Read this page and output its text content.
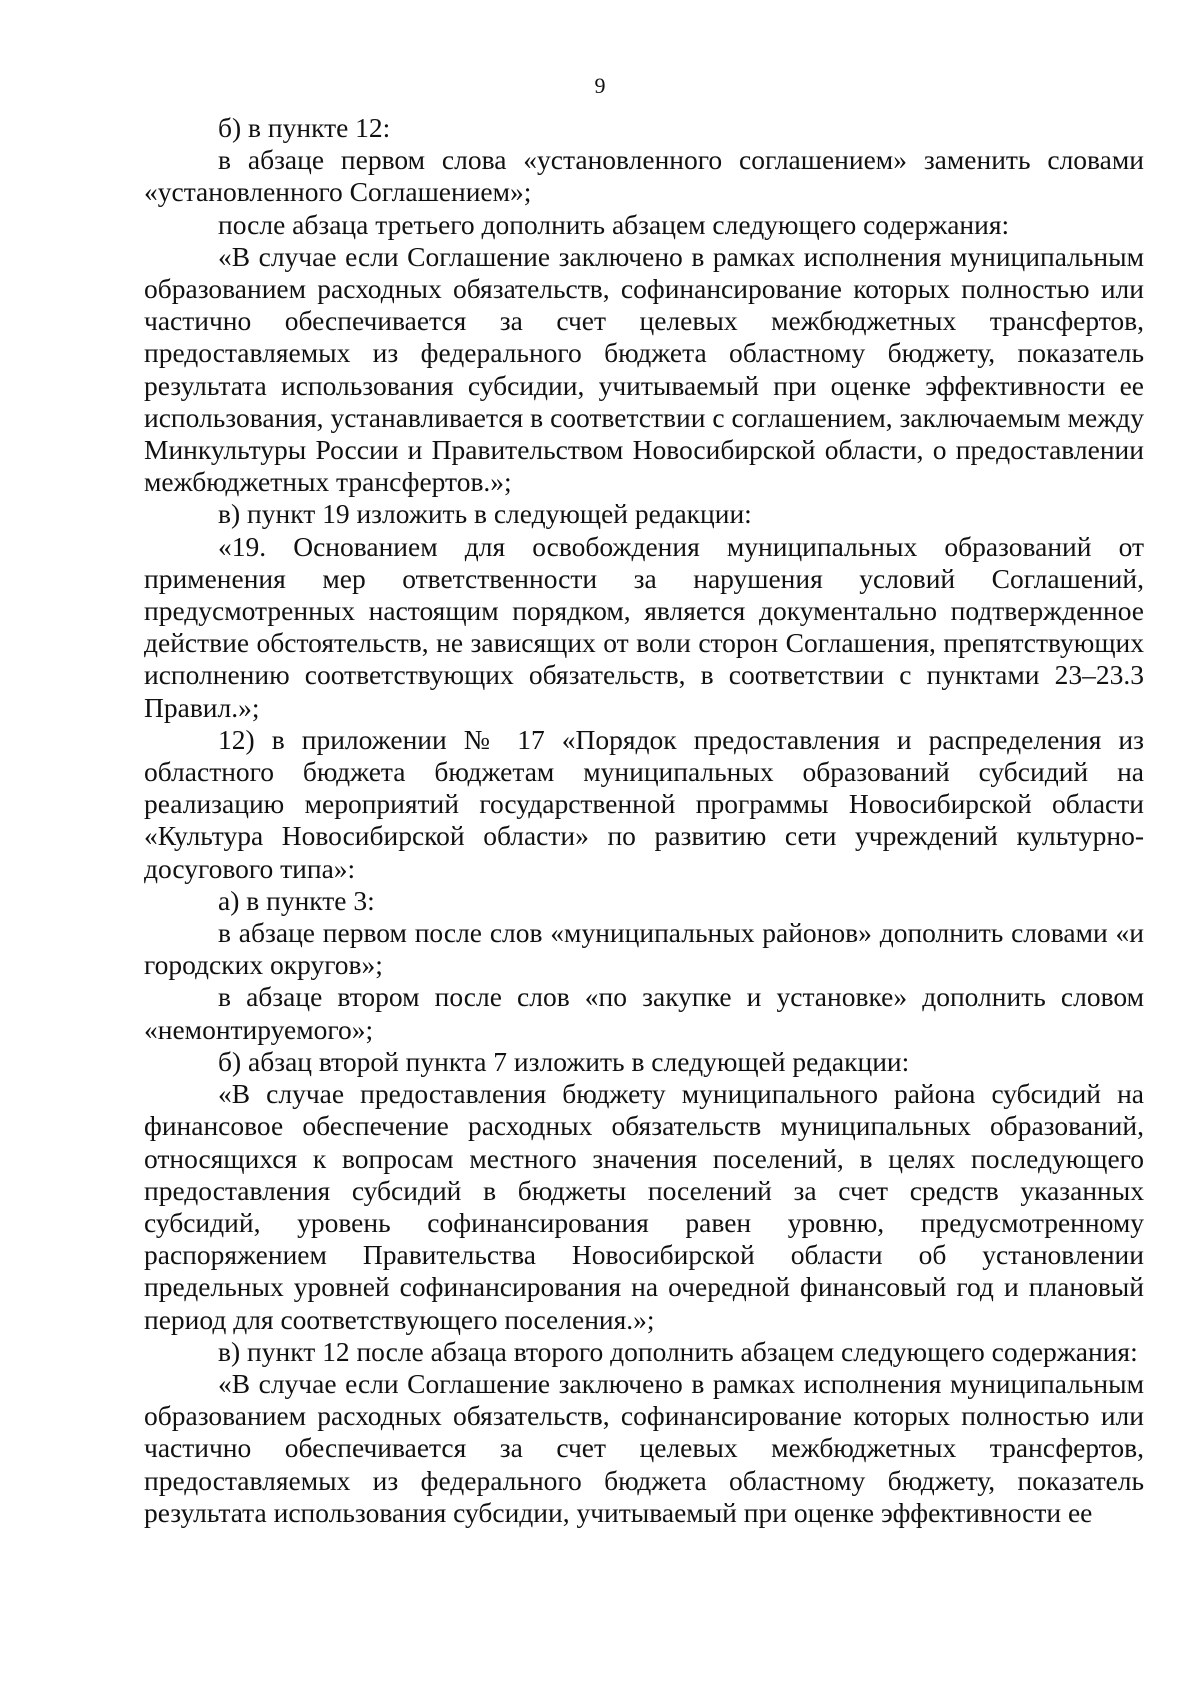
9

б) в пункте 12:

в абзаце первом слова «установленного соглашением» заменить словами «установленного Соглашением»;

после абзаца третьего дополнить абзацем следующего содержания:

«В случае если Соглашение заключено в рамках исполнения муниципальным образованием расходных обязательств, софинансирование которых полностью или частично обеспечивается за счет целевых межбюджетных трансфертов, предоставляемых из федерального бюджета областному бюджету, показатель результата использования субсидии, учитываемый при оценке эффективности ее использования, устанавливается в соответствии с соглашением, заключаемым между Минкультуры России и Правительством Новосибирской области, о предоставлении межбюджетных трансфертов.»;

в) пункт 19 изложить в следующей редакции:

«19. Основанием для освобождения муниципальных образований от применения мер ответственности за нарушения условий Соглашений, предусмотренных настоящим порядком, является документально подтвержденное действие обстоятельств, не зависящих от воли сторон Соглашения, препятствующих исполнению соответствующих обязательств, в соответствии с пунктами 23–23.3 Правил.»;

12) в приложении № 17 «Порядок предоставления и распределения из областного бюджета бюджетам муниципальных образований субсидий на реализацию мероприятий государственной программы Новосибирской области «Культура Новосибирской области» по развитию сети учреждений культурно-досугового типа»:

а) в пункте 3:

в абзаце первом после слов «муниципальных районов» дополнить словами «и городских округов»;

в абзаце втором после слов «по закупке и установке» дополнить словом «немонтируемого»;

б) абзац второй пункта 7 изложить в следующей редакции:

«В случае предоставления бюджету муниципального района субсидий на финансовое обеспечение расходных обязательств муниципальных образований, относящихся к вопросам местного значения поселений, в целях последующего предоставления субсидий в бюджеты поселений за счет средств указанных субсидий, уровень софинансирования равен уровню, предусмотренному распоряжением Правительства Новосибирской области об установлении предельных уровней софинансирования на очередной финансовый год и плановый период для соответствующего поселения.»;

в) пункт 12 после абзаца второго дополнить абзацем следующего содержания:

«В случае если Соглашение заключено в рамках исполнения муниципальным образованием расходных обязательств, софинансирование которых полностью или частично обеспечивается за счет целевых межбюджетных трансфертов, предоставляемых из федерального бюджета областному бюджету, показатель результата использования субсидии, учитываемый при оценке эффективности ее
